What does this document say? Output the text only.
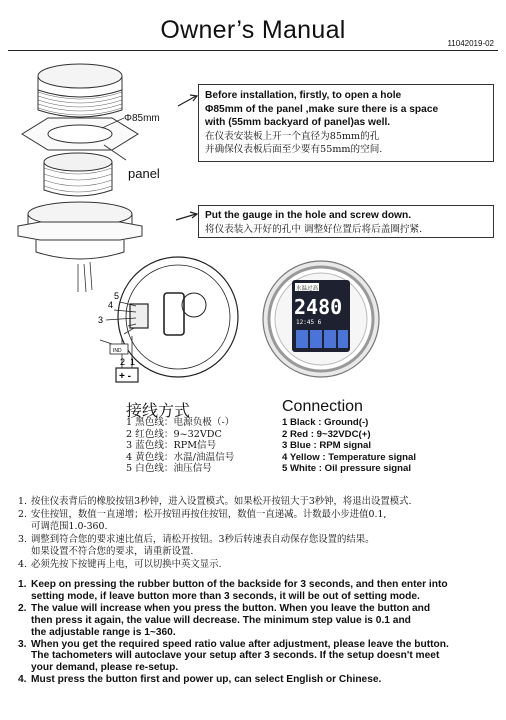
Owner’s Manual	11042019-02
5
4
3
2 1
IND
+ -
水温过高
2480
12:45 6
Φ85mm
panel
Before installation, firstly, to open a hole
Φ85mm of the panel ,make sure there is a space
with (55mm backyard of panel)as well.
在仪表安装板上开一个直径为85mm的孔
并确保仪表板后面至少要有55mm的空间.
Put the gauge in the hole and screw down.
将仪表装入开好的孔中 调整好位置后将后盖圈拧紧.
接线方式	Connection
1 黑色线：电源负极（-）
2 红色线：9~32VDC
3 蓝色线：RPM信号
4 黄色线：水温/油温信号
5 白色线：油压信号
1 Black : Ground(-)
2 Red : 9~32VDC(+)
3 Blue : RPM signal
4 Yellow : Temperature signal
5 White : Oil pressure signal
1. 按住仪表背后的橡胶按钮3秒钟，进入设置模式。如果松开按钮大于3秒钟，将退出设置模式.
2. 安住按钮，数值一直递增；松开按钮再按住按钮，数值一直递减。计数最小步进值0.1,
可调范围1.0-360.
3. 调整到符合您的要求速比值后，请松开按钮。3秒后转速表自动保存您设置的结果。
如果设置不符合您的要求，请重新设置.
4. 必须先按下按键再上电，可以切换中英文显示.
1. Keep on pressing the rubber button of the backside for 3 seconds, and then enter into
setting mode, if leave button more than 3 seconds, it will be out of setting mode.
2. The value will increase when you press the button. When you leave the button and
then press it again, the value will decrease. The minimum step value is 0.1 and
the adjustable range is 1~360.
3. When you get the required speed ratio value after adjustment, please leave the button.
The tachometers will autoclave your setup after 3 seconds. If the setup doesn't meet
your demand, please re-setup.
4. Must press the button first and power up, can select English or Chinese.
